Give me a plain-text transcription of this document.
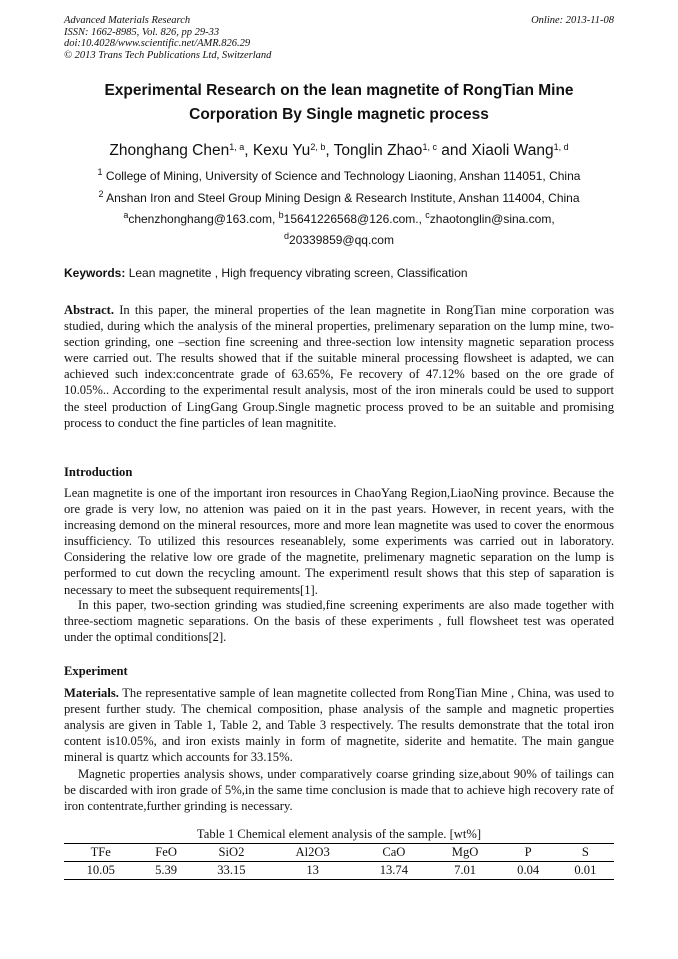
Advanced Materials Research
ISSN: 1662-8985, Vol. 826, pp 29-33
doi:10.4028/www.scientific.net/AMR.826.29
© 2013 Trans Tech Publications Ltd, Switzerland
Online: 2013-11-08
Experimental Research on the lean magnetite of RongTian Mine
Corporation By Single magnetic process
Zhonghang Chen$^{1, a}$, Kexu Yu$^{2, b}$, Tonglin Zhao$^{1, c}$ and Xiaoli Wang$^{1, d}$
$^1$ College of Mining, University of Science and Technology Liaoning, Anshan 114051, China
$^2$ Anshan Iron and Steel Group Mining Design & Research Institute, Anshan 114004, China
$^a$chenzhonghang@163.com, $^b$15641226568@126.com., $^c$zhaotonglin@sina.com,
$^d$20339859@qq.com
Keywords: Lean magnetite , High frequency vibrating screen, Classification

Abstract. In this paper, the mineral properties of the lean magnetite in RongTian mine corporation was studied, during which the analysis of the mineral properties, prelimenary separation on the lump mine, two-section grinding, one –section fine screening and three-section low intensity magnetic separation process were carried out. The results showed that if the suitable mineral processing flowsheet is adapted, we can achieved such index:concentrate grade of 63.65%, Fe recovery of 47.12% based on the ore grade of 10.05%.. According to the experimental result analysis, most of the iron minerals could be used to support the steel production of LingGang Group.Single magnetic process proved to be an suitable and promising process to conduct the fine particles of lean magnitite.

Introduction

Lean magnetite is one of the important iron resources in ChaoYang Region,LiaoNing province. Because the ore grade is very low, no attenion was paied on it in the past years. However, in recent years, with the increasing demond on the mineral resources, more and more lean magnetite was used to cover the enormous insufficiency. To utilized this resources reseanablely, some experiments was carried out in laboratory. Considering the relative low ore grade of the magnetite, prelimenary magnetic separation on the lump is performed to cut down the recycling amount. The experimentl result shows that this step of saparation is necessary to meet the subsequent requirements[1].

In this paper, two-section grinding was studied,fine screening experiments are also made together with three-sectiom magnetic separations. On the basis of these experiments , full flowsheet test was operated under the optimal conditions[2].

Experiment

Materials. The representative sample of lean magnetite collected from RongTian Mine , China, was used to present further study. The chemical composition, phase analysis of the sample and magnetic properties analysis are given in Table 1, Table 2, and Table 3 respectively. The results demonstrate that the total iron content is10.05%, and iron exists mainly in form of magnetite, siderite and hematite. The main gangue mineral is quartz which accounts for 33.15%.

Magnetic properties analysis shows, under comparatively coarse grinding size,about 90% of tailings can be discarded with iron grade of 5%,in the same time conclusion is made that to achieve high recovery rate of iron contentrate,further grinding is necessary.

Table 1 Chemical element analysis of the sample. [wt%]
TFe	FeO	SiO2	Al2O3	CaO	MgO	P	S
10.05	5.39	33.15	13	13.74	7.01	0.04	0.01
